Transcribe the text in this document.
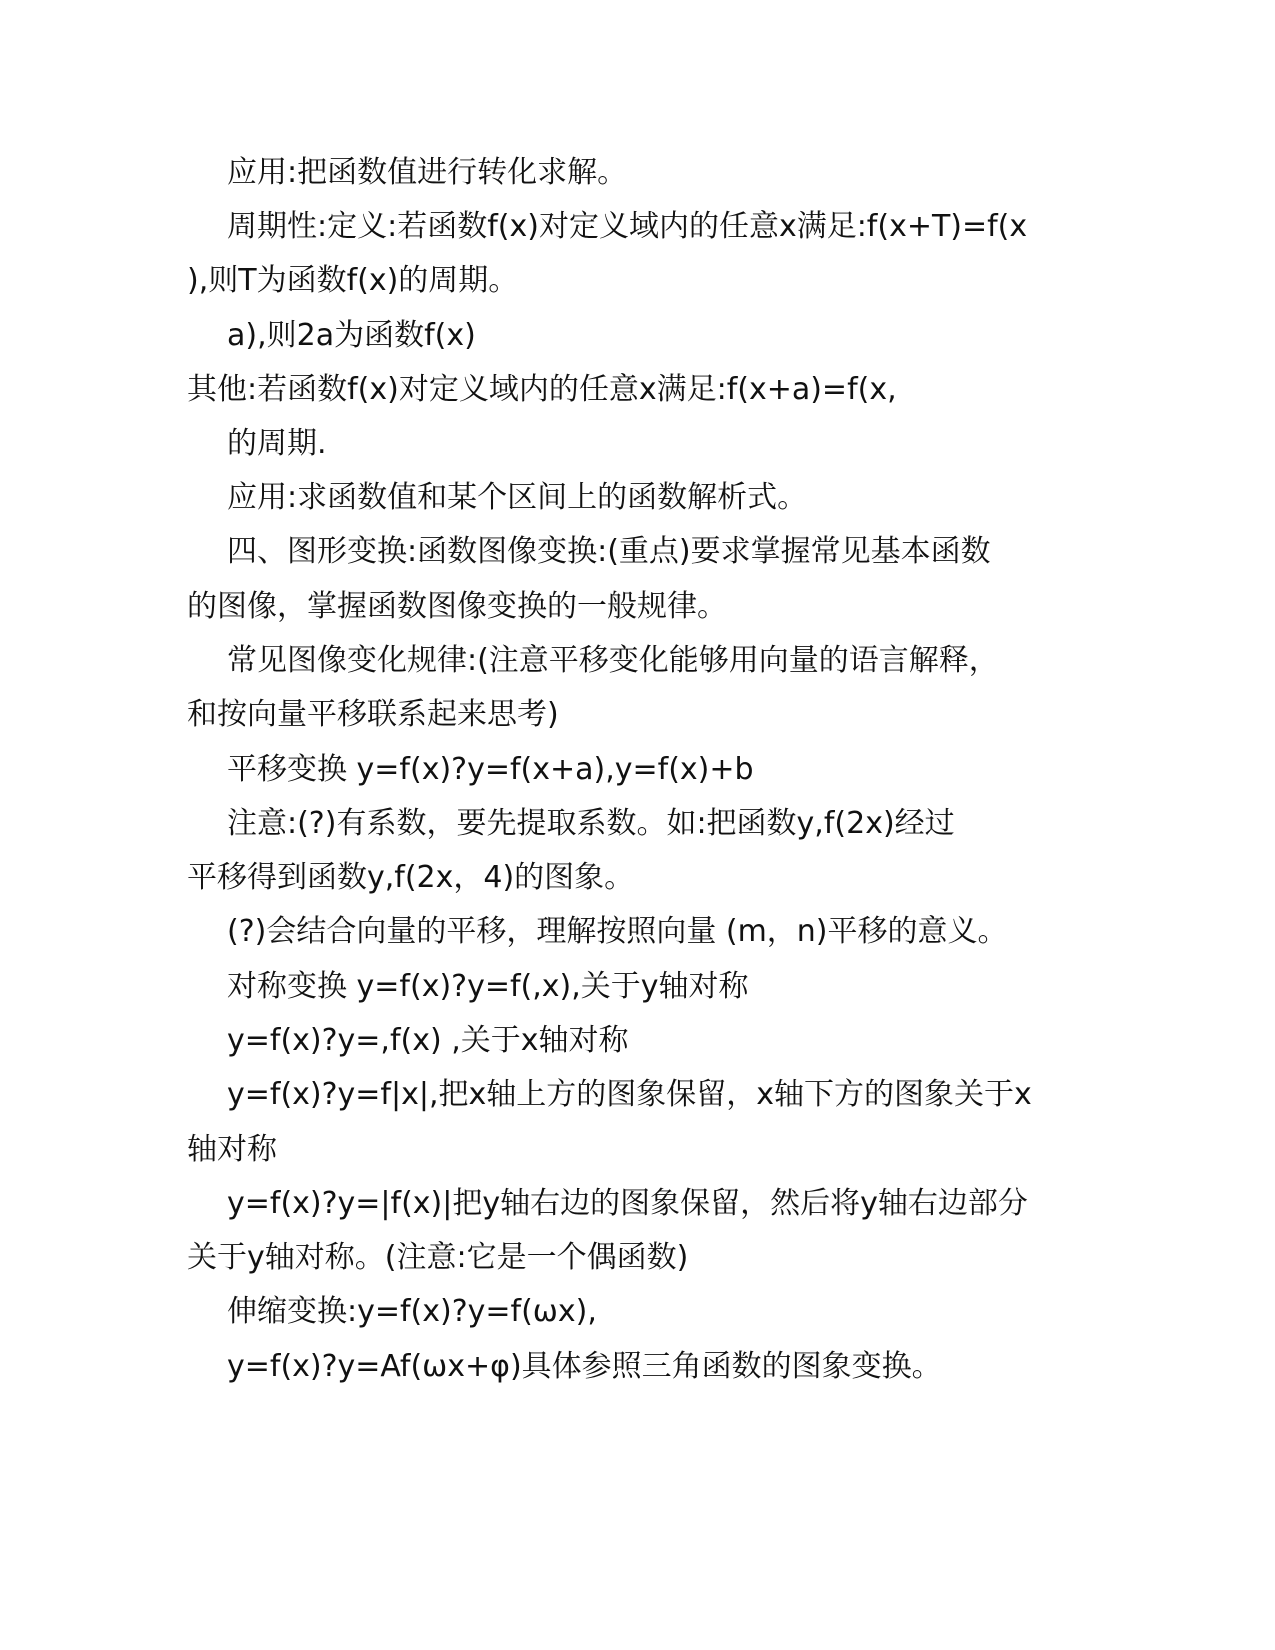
应用:把函数值进行转化求解。
周期性:定义:若函数f(x)对定义域内的任意x满足:f(x+T)=f(x
),则T为函数f(x)的周期。
a),则2a为函数f(x)
其他:若函数f(x)对定义域内的任意x满足:f(x+a)=f(x,
的周期.
应用:求函数值和某个区间上的函数解析式。
四、图形变换:函数图像变换:(重点)要求掌握常见基本函数
的图像，掌握函数图像变换的一般规律。
常见图像变化规律:(注意平移变化能够用向量的语言解释，
和按向量平移联系起来思考)
平移变换 y=f(x)?y=f(x+a),y=f(x)+b
注意:(?)有系数，要先提取系数。如:把函数y,f(2x)经过
平移得到函数y,f(2x，4)的图象。
(?)会结合向量的平移，理解按照向量 (m，n)平移的意义。
对称变换 y=f(x)?y=f(,x),关于y轴对称
y=f(x)?y=,f(x) ,关于x轴对称
y=f(x)?y=f|x|,把x轴上方的图象保留，x轴下方的图象关于x
轴对称
y=f(x)?y=|f(x)|把y轴右边的图象保留，然后将y轴右边部分
关于y轴对称。(注意:它是一个偶函数)
伸缩变换:y=f(x)?y=f(ωx),
y=f(x)?y=Af(ωx+φ)具体参照三角函数的图象变换。
